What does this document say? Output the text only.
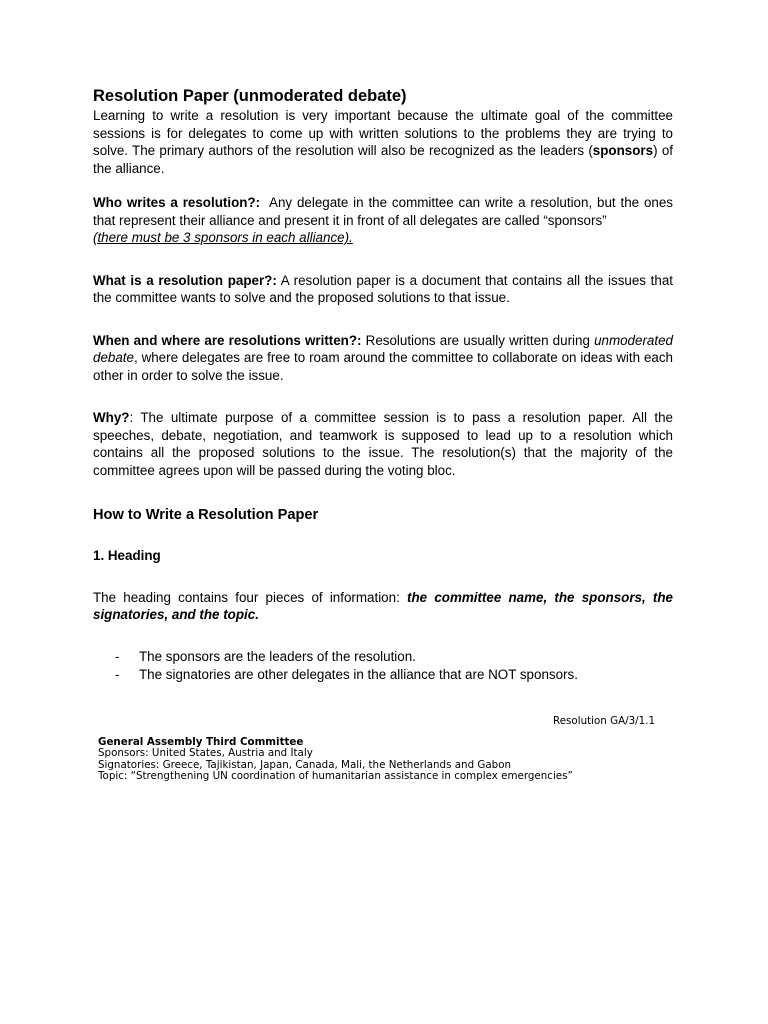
Resolution Paper (unmoderated debate)

Learning to write a resolution is very important because the ultimate goal of the committee sessions is for delegates to come up with written solutions to the problems they are trying to solve. The primary authors of the resolution will also be recognized as the leaders (sponsors) of the alliance.

Who writes a resolution?:  Any delegate in the committee can write a resolution, but the ones that represent their alliance and present it in front of all delegates are called “sponsors”
(there must be 3 sponsors in each alliance).

What is a resolution paper?: A resolution paper is a document that contains all the issues that the committee wants to solve and the proposed solutions to that issue.

When and where are resolutions written?: Resolutions are usually written during unmoderated debate, where delegates are free to roam around the committee to collaborate on ideas with each other in order to solve the issue.

Why?: The ultimate purpose of a committee session is to pass a resolution paper. All the speeches, debate, negotiation, and teamwork is supposed to lead up to a resolution which contains all the proposed solutions to the issue. The resolution(s) that the majority of the committee agrees upon will be passed during the voting bloc.

How to Write a Resolution Paper
1. Heading

The heading contains four pieces of information: the committee name, the sponsors, the signatories, and the topic.

- The sponsors are the leaders of the resolution.
- The signatories are other delegates in the alliance that are NOT sponsors.
Resolution GA/3/1.1
General Assembly Third Committee
Sponsors: United States, Austria and Italy
Signatories: Greece, Tajikistan, Japan, Canada, Mali, the Netherlands and Gabon
Topic: “Strengthening UN coordination of humanitarian assistance in complex emergencies”
